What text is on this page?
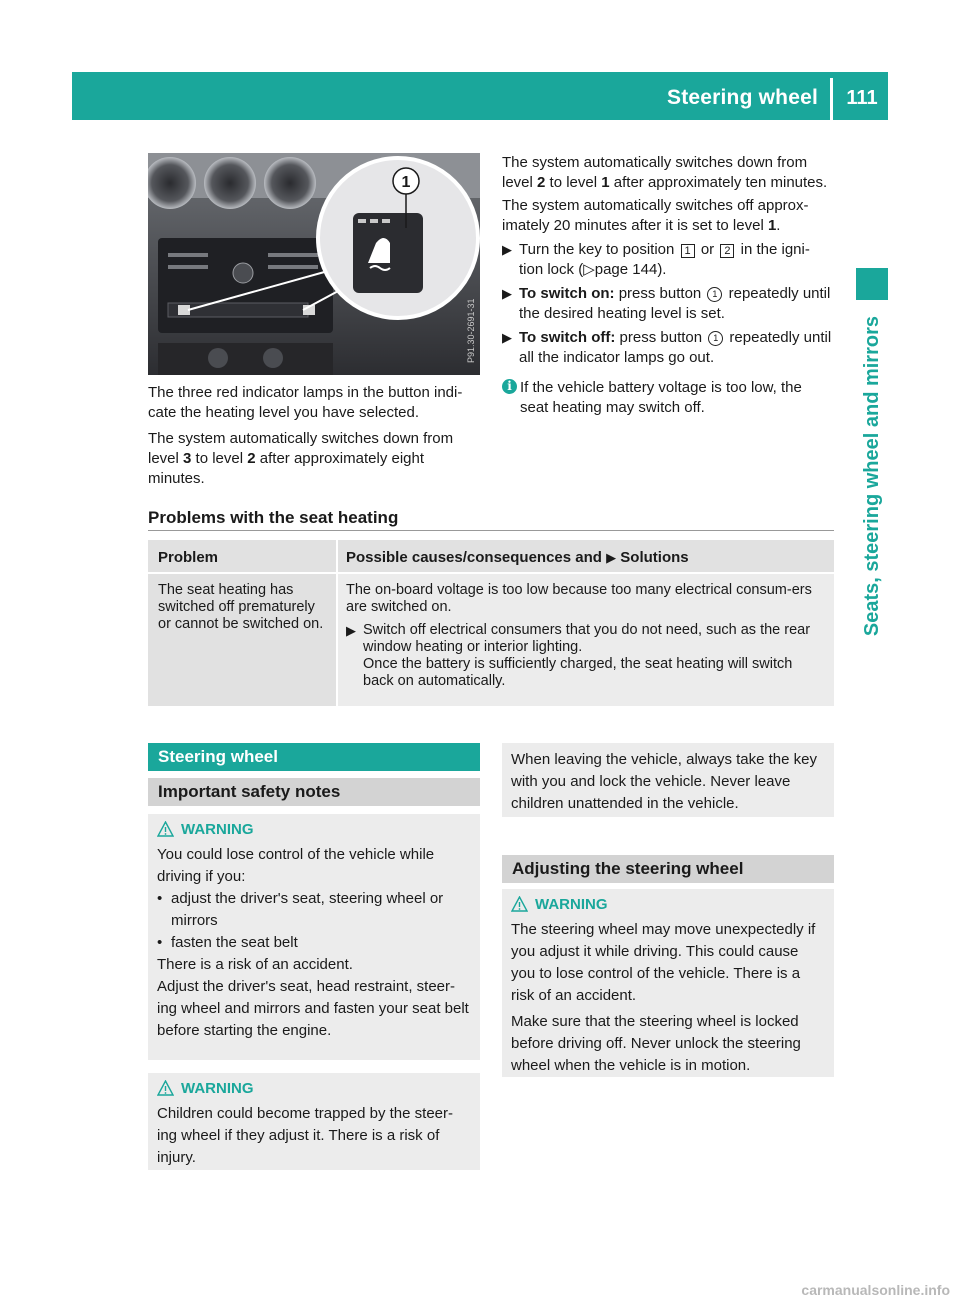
Steering wheel	111
Seats, steering wheel and mirrors
1
P91.30-2691-31

The three red indicator lamps in the button indi-cate the heating level you have selected.

The system automatically switches down from level 3 to level 2 after approximately eight minutes.

The system automatically switches down from level 2 to level 1 after approximately ten minutes.

The system automatically switches off approx-imately 20 minutes after it is set to level 1.

▶ Turn the key to position 1 or 2 in the igni-tion lock (▷page 144).

▶ To switch on: press button 1 repeatedly until the desired heating level is set.

▶ To switch off: press button 1 repeatedly until all the indicator lamps go out.

i If the vehicle battery voltage is too low, the seat heating may switch off.

Problems with the seat heating
Problem	Possible causes/consequences and ▶ Solutions

The seat heating has switched off prematurely or cannot be switched on.

The on-board voltage is too low because too many electrical consum-ers are switched on.

▶ Switch off electrical consumers that you do not need, such as the rear window heating or interior lighting.

Once the battery is sufficiently charged, the seat heating will switch back on automatically.

Steering wheel
Important safety notes
WARNING

You could lose control of the vehicle while driving if you:

• adjust the driver's seat, steering wheel or mirrors

• fasten the seat belt

There is a risk of an accident.

Adjust the driver's seat, head restraint, steer-ing wheel and mirrors and fasten your seat belt before starting the engine.

WARNING

Children could become trapped by the steer-ing wheel if they adjust it. There is a risk of injury.

When leaving the vehicle, always take the key with you and lock the vehicle. Never leave children unattended in the vehicle.

Adjusting the steering wheel
WARNING

The steering wheel may move unexpectedly if you adjust it while driving. This could cause you to lose control of the vehicle. There is a risk of an accident.

Make sure that the steering wheel is locked before driving off. Never unlock the steering wheel when the vehicle is in motion.

carmanualsonline.info
